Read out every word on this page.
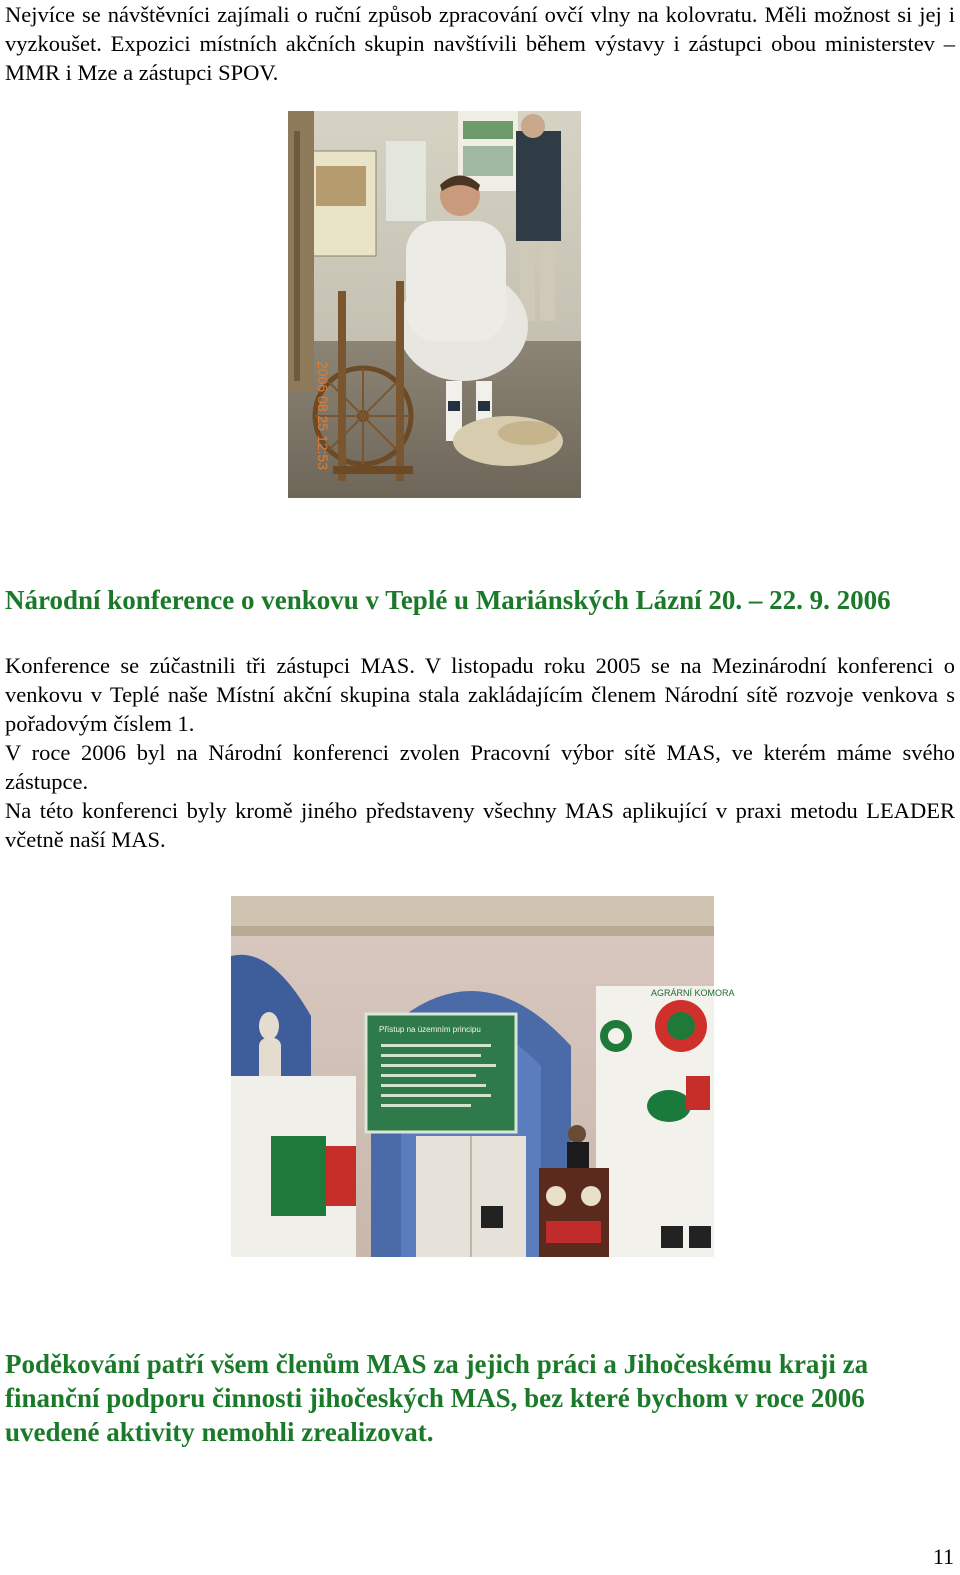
Nejvíce se návštěvníci zajímali o ruční způsob zpracování ovčí vlny na kolovratu. Měli možnost si jej i vyzkoušet. Expozici místních akčních skupin navštívili během výstavy i zástupci obou ministerstev – MMR i Mze a zástupci SPOV.

2006 08 25 12:53
Národní konference o venkovu v Teplé u Mariánských Lázní 20. – 22. 9. 2006

Konference se zúčastnili tři zástupci MAS. V listopadu roku 2005 se na Mezinárodní konferenci o venkovu v Teplé naše Místní akční skupina stala zakládajícím členem Národní sítě rozvoje venkova s pořadovým číslem 1.

V roce 2006 byl na Národní konferenci zvolen Pracovní výbor sítě MAS, ve kterém máme svého zástupce.

Na této konferenci byly kromě jiného představeny všechny MAS aplikující v praxi metodu LEADER včetně naší MAS.

Přístup na územním principu
AGRÁRNÍ KOMORA

Poděkování patří všem členům MAS za jejich práci a Jihočeskému kraji za finanční podporu činnosti jihočeských MAS, bez které bychom v roce 2006 uvedené aktivity nemohli zrealizovat.

11
